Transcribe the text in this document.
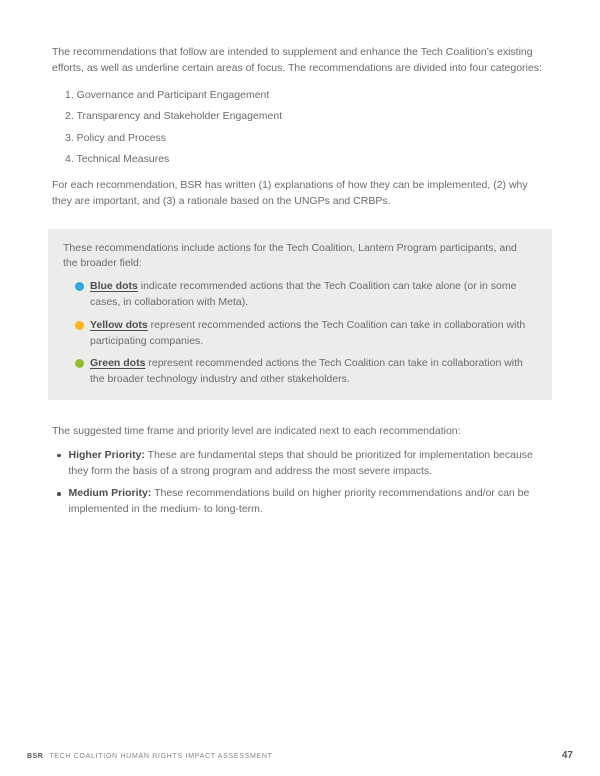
The recommendations that follow are intended to supplement and enhance the Tech Coalition’s existing efforts, as well as underline certain areas of focus. The recommendations are divided into four categories:

1. Governance and Participant Engagement
2. Transparency and Stakeholder Engagement
3. Policy and Process
4. Technical Measures

For each recommendation, BSR has written (1) explanations of how they can be implemented, (2) why they are important, and (3) a rationale based on the UNGPs and CRBPs.

These recommendations include actions for the Tech Coalition, Lantern Program participants, and the broader field:

Blue dots indicate recommended actions that the Tech Coalition can take alone (or in some cases, in collaboration with Meta).
Yellow dots represent recommended actions the Tech Coalition can take in collaboration with participating companies.
Green dots represent recommended actions the Tech Coalition can take in collaboration with the broader technology industry and other stakeholders.

The suggested time frame and priority level are indicated next to each recommendation:

Higher Priority: These are fundamental steps that should be prioritized for implementation because they form the basis of a strong program and address the most severe impacts.
Medium Priority: These recommendations build on higher priority recommendations and/or can be implemented in the medium- to long-term.
BSR TECH COALITION HUMAN RIGHTS IMPACT ASSESSMENT	47
